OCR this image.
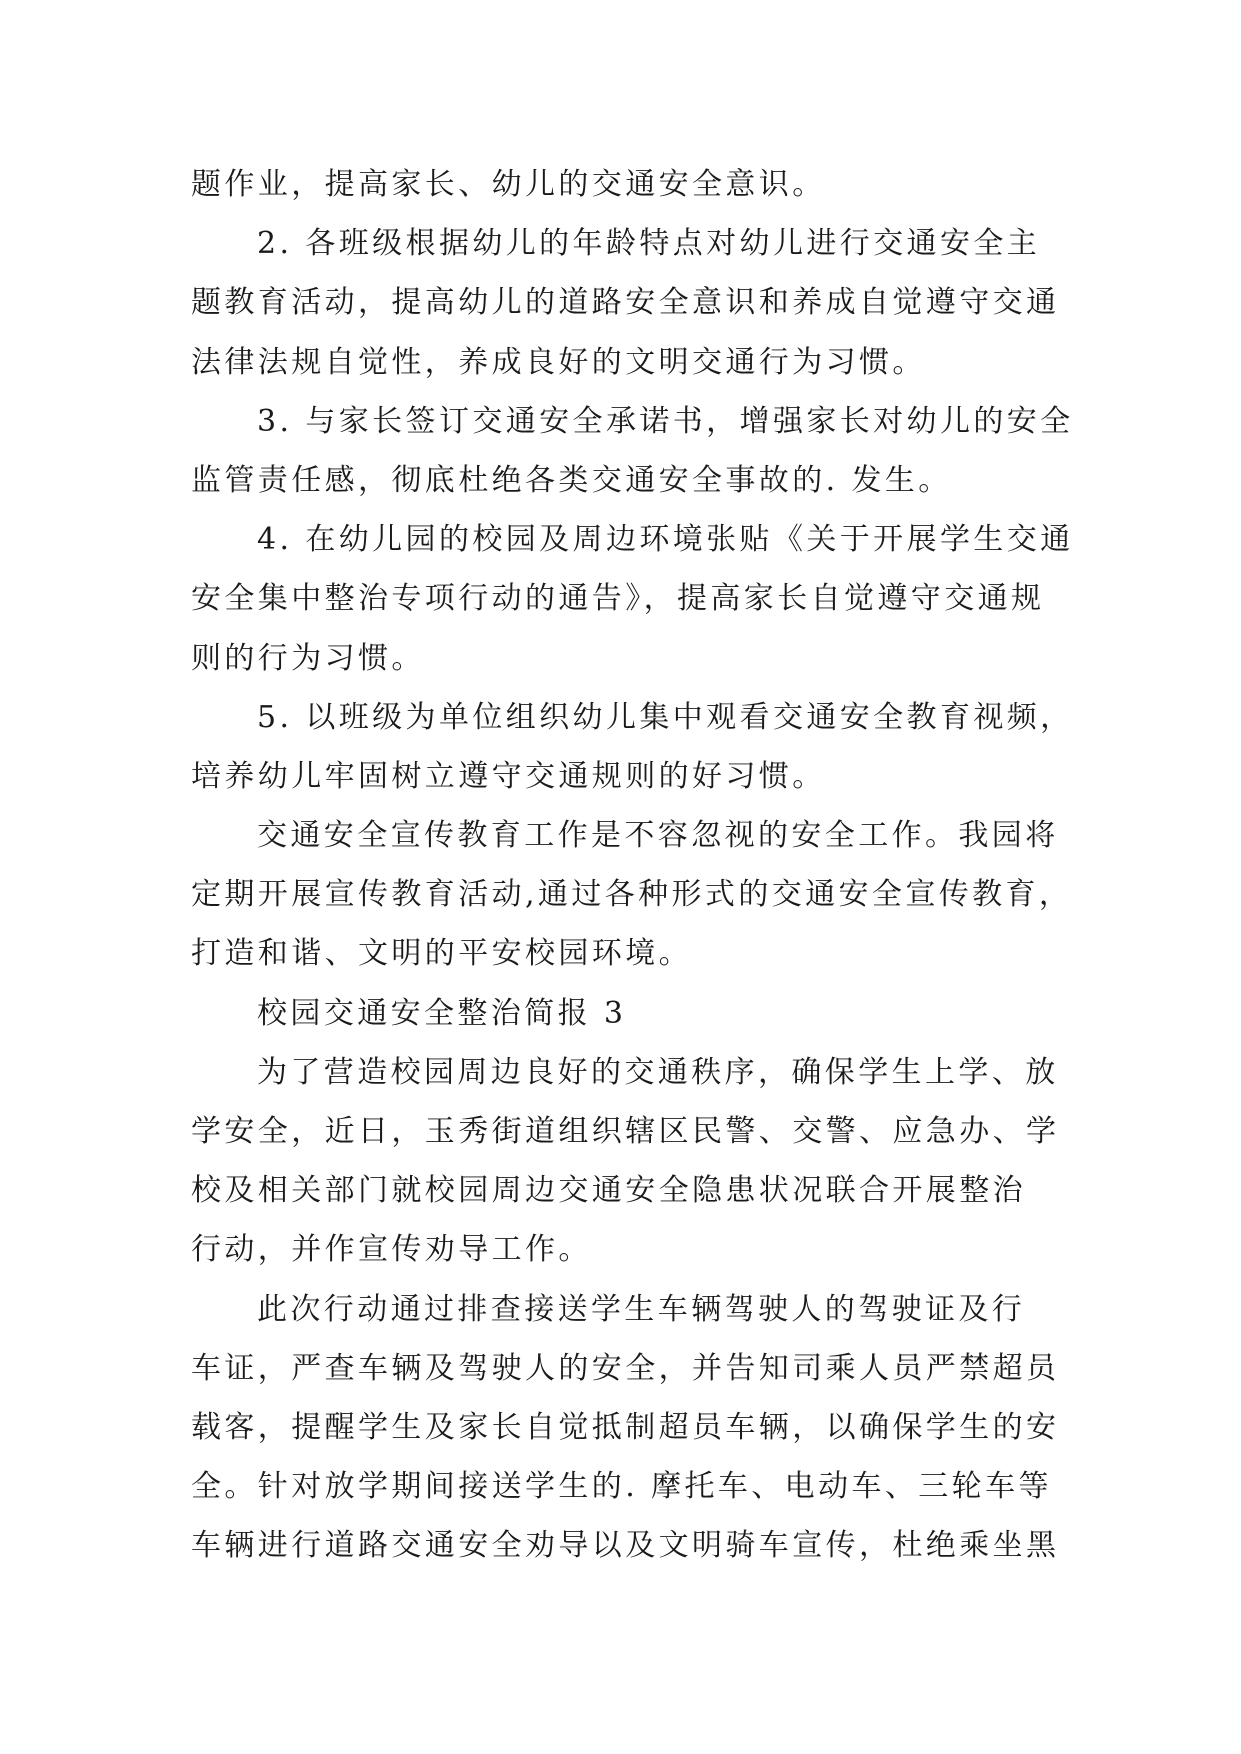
题作业，提高家长、幼儿的交通安全意识。
2. 各班级根据幼儿的年龄特点对幼儿进行交通安全主
题教育活动，提高幼儿的道路安全意识和养成自觉遵守交通
法律法规自觉性，养成良好的文明交通行为习惯。
3. 与家长签订交通安全承诺书，增强家长对幼儿的安全
监管责任感，彻底杜绝各类交通安全事故的. 发生。
4. 在幼儿园的校园及周边环境张贴《关于开展学生交通
安全集中整治专项行动的通告》，提高家长自觉遵守交通规
则的行为习惯。
5. 以班级为单位组织幼儿集中观看交通安全教育视频，
培养幼儿牢固树立遵守交通规则的好习惯。
交通安全宣传教育工作是不容忽视的安全工作。我园将
定期开展宣传教育活动,通过各种形式的交通安全宣传教育，
打造和谐、文明的平安校园环境。
校园交通安全整治简报 3
为了营造校园周边良好的交通秩序，确保学生上学、放
学安全，近日，玉秀街道组织辖区民警、交警、应急办、学
校及相关部门就校园周边交通安全隐患状况联合开展整治
行动，并作宣传劝导工作。
此次行动通过排查接送学生车辆驾驶人的驾驶证及行
车证，严查车辆及驾驶人的安全，并告知司乘人员严禁超员
载客，提醒学生及家长自觉抵制超员车辆，以确保学生的安
全。针对放学期间接送学生的. 摩托车、电动车、三轮车等
车辆进行道路交通安全劝导以及文明骑车宣传，杜绝乘坐黑
